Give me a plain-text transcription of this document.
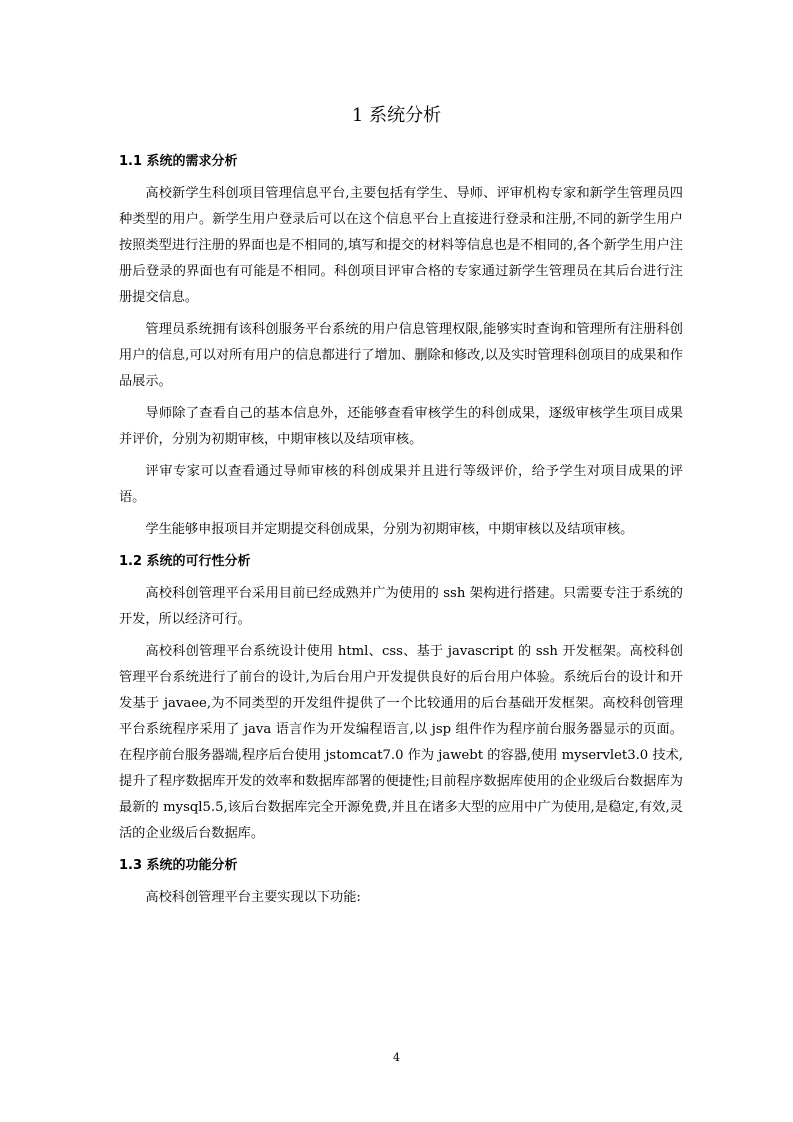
1 系统分析
1.1 系统的需求分析

高校新学生科创项目管理信息平台,主要包括有学生、导师、评审机构专家和新学生管理员四种类型的用户。新学生用户登录后可以在这个信息平台上直接进行登录和注册,不同的新学生用户按照类型进行注册的界面也是不相同的,填写和提交的材料等信息也是不相同的,各个新学生用户注册后登录的界面也有可能是不相同。科创项目评审合格的专家通过新学生管理员在其后台进行注册提交信息。

管理员系统拥有该科创服务平台系统的用户信息管理权限,能够实时查询和管理所有注册科创用户的信息,可以对所有用户的信息都进行了增加、删除和修改,以及实时管理科创项目的成果和作品展示。

导师除了查看自己的基本信息外，还能够查看审核学生的科创成果，逐级审核学生项目成果并评价，分别为初期审核，中期审核以及结项审核。

评审专家可以查看通过导师审核的科创成果并且进行等级评价，给予学生对项目成果的评语。

学生能够申报项目并定期提交科创成果，分别为初期审核，中期审核以及结项审核。

1.2 系统的可行性分析

高校科创管理平台采用目前已经成熟并广为使用的 ssh 架构进行搭建。只需要专注于系统的开发，所以经济可行。

高校科创管理平台系统设计使用 html、css、基于 javascript 的 ssh 开发框架。高校科创管理平台系统进行了前台的设计,为后台用户开发提供良好的后台用户体验。系统后台的设计和开发基于 javaee,为不同类型的开发组件提供了一个比较通用的后台基础开发框架。高校科创管理平台系统程序采用了 java 语言作为开发编程语言,以 jsp 组件作为程序前台服务器显示的页面。在程序前台服务器端,程序后台使用 jstomcat7.0 作为 jawebt 的容器,使用 myservlet3.0 技术,提升了程序数据库开发的效率和数据库部署的便捷性;目前程序数据库使用的企业级后台数据库为最新的 mysql5.5,该后台数据库完全开源免费,并且在诸多大型的应用中广为使用,是稳定,有效,灵活的企业级后台数据库。

1.3 系统的功能分析

高校科创管理平台主要实现以下功能:

4
